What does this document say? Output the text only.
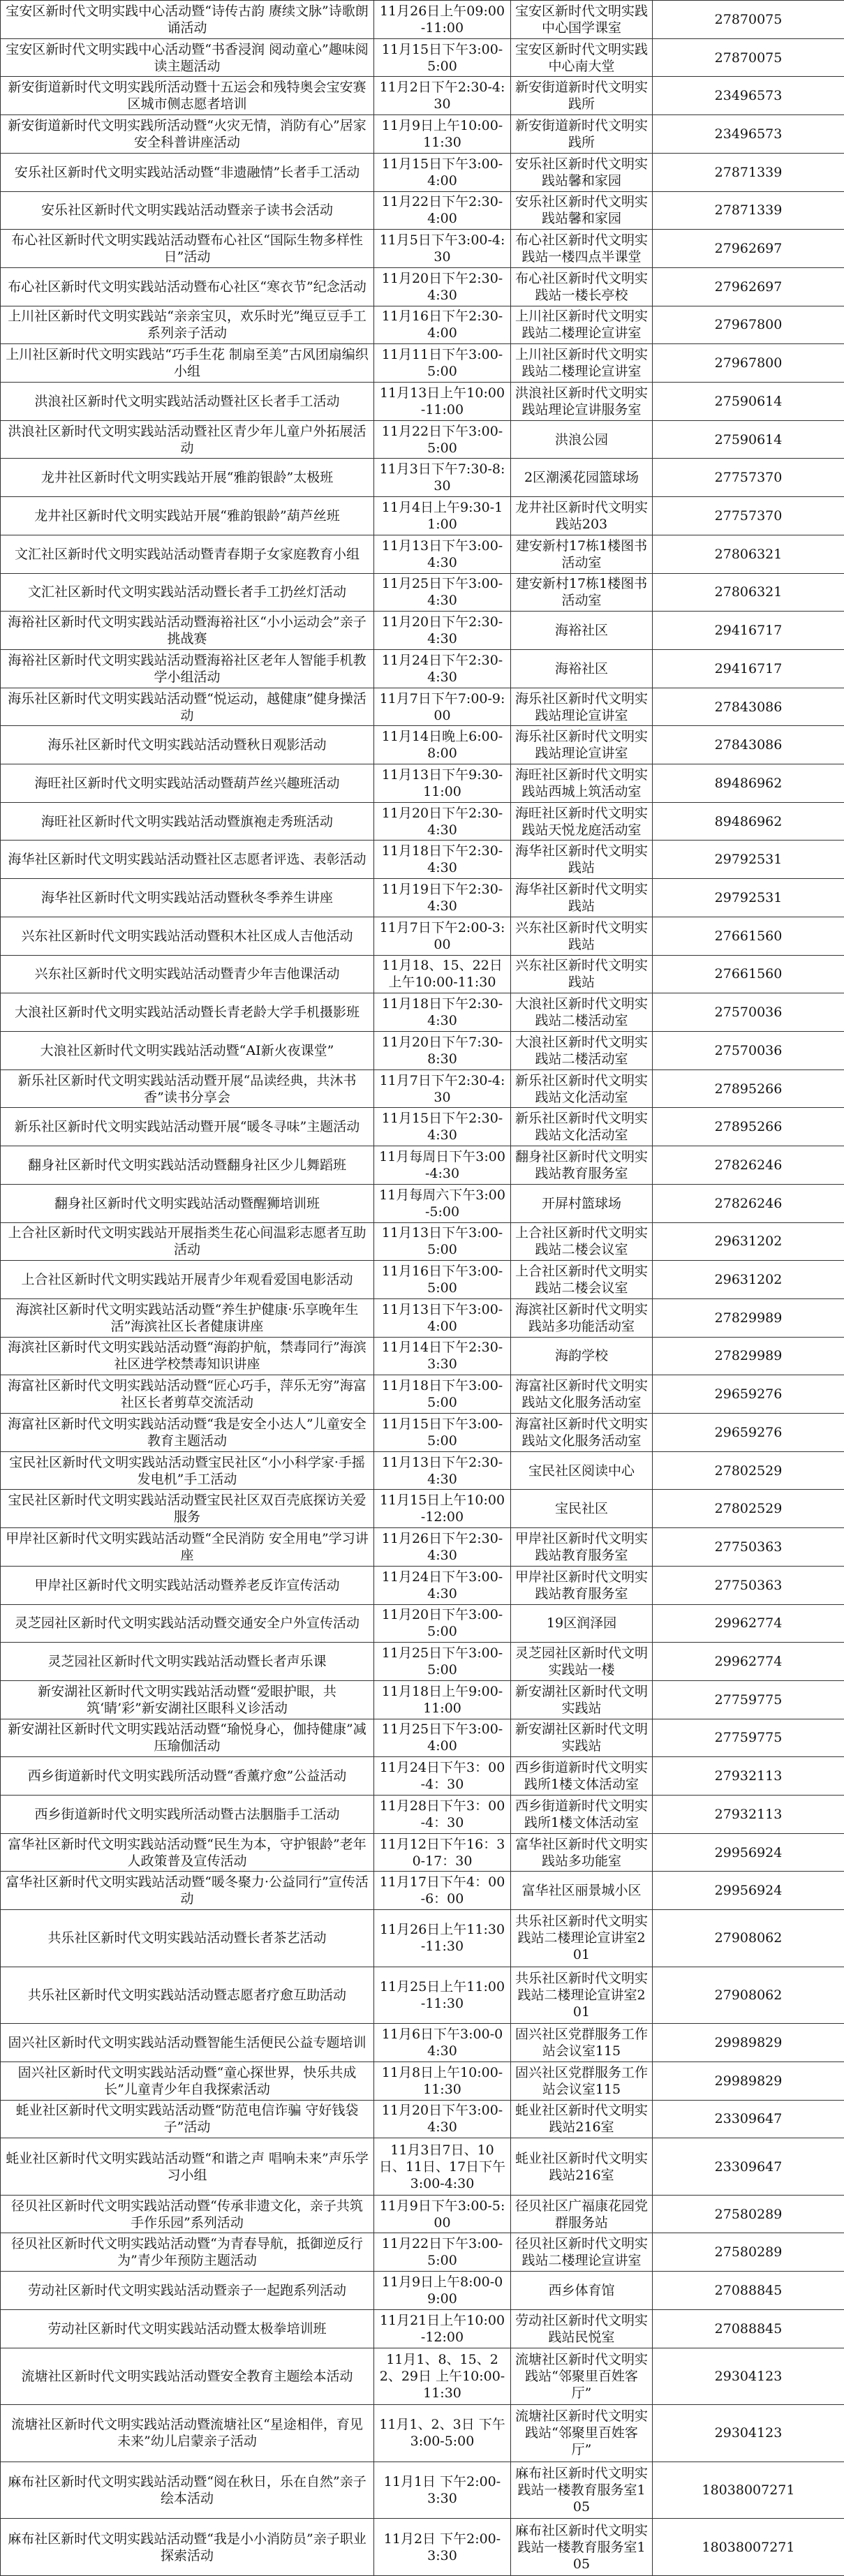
宝安区新时代文明实践中心活动暨“诗传古韵 赓续文脉”诗歌朗诵活动	11月26日上午09:00-11:00	宝安区新时代文明实践中心国学课室	27870075
宝安区新时代文明实践中心活动暨“书香浸润 阅动童心”趣味阅读主题活动	11月15日下午3:00-5:00	宝安区新时代文明实践中心南大堂	27870075
新安街道新时代文明实践所活动暨十五运会和残特奥会宝安赛区城市侧志愿者培训	11月2日下午2:30-4:30	新安街道新时代文明实践所	23496573
新安街道新时代文明实践所活动暨“火灾无情，消防有心”居家安全科普讲座活动	11月9日上午10:00-11:30	新安街道新时代文明实践所	23496573
安乐社区新时代文明实践站活动暨“非遗融情”长者手工活动	11月15日下午3:00-4:00	安乐社区新时代文明实践站馨和家园	27871339
安乐社区新时代文明实践站活动暨亲子读书会活动	11月22日下午2:30-4:00	安乐社区新时代文明实践站馨和家园	27871339
布心社区新时代文明实践站活动暨布心社区“国际生物多样性日”活动	11月5日下午3:00-4:30	布心社区新时代文明实践站一楼四点半课堂	27962697
布心社区新时代文明实践站活动暨布心社区“寒衣节”纪念活动	11月20日下午2:30-4:30	布心社区新时代文明实践站一楼长亭校	27962697
上川社区新时代文明实践站“亲亲宝贝，欢乐时光”绳豆豆手工系列亲子活动	11月16日下午2:30-4:00	上川社区新时代文明实践站二楼理论宣讲室	27967800
上川社区新时代文明实践站“巧手生花 制扇至美”古风团扇编织小组	11月11日下午3:00-5:00	上川社区新时代文明实践站二楼理论宣讲室	27967800
洪浪社区新时代文明实践站活动暨社区长者手工活动	11月13日上午10:00-11:00	洪浪社区新时代文明实践站理论宣讲服务室	27590614
洪浪社区新时代文明实践站活动暨社区青少年儿童户外拓展活动	11月22日下午3:00-5:00	洪浪公园	27590614
龙井社区新时代文明实践站开展“雅韵银龄”太极班	11月3日下午7:30-8:30	2区潮溪花园篮球场	27757370
龙井社区新时代文明实践站开展“雅韵银龄”葫芦丝班	11月4日上午9:30-11:00	龙井社区新时代文明实践站203	27757370
文汇社区新时代文明实践站活动暨青春期子女家庭教育小组	11月13日下午3:00-4:30	建安新村17栋1楼图书活动室	27806321
文汇社区新时代文明实践站活动暨长者手工扔丝灯活动	11月25日下午3:00-4:30	建安新村17栋1楼图书活动室	27806321
海裕社区新时代文明实践站活动暨海裕社区“小小运动会”亲子挑战赛	11月20日下午2:30-4:30	海裕社区	29416717
海裕社区新时代文明实践站活动暨海裕社区老年人智能手机教学小组活动	11月24日下午2:30-4:30	海裕社区	29416717
海乐社区新时代文明实践站活动暨“悦运动，越健康”健身操活动	11月7日下午7:00-9:00	海乐社区新时代文明实践站理论宣讲室	27843086
海乐社区新时代文明实践站活动暨秋日观影活动	11月14日晚上6:00-8:00	海乐社区新时代文明实践站理论宣讲室	27843086
海旺社区新时代文明实践站活动暨葫芦丝兴趣班活动	11月13日下午9:30-11:00	海旺社区新时代文明实践站西城上筑活动室	89486962
海旺社区新时代文明实践站活动暨旗袍走秀班活动	11月20日下午2:30-4:30	海旺社区新时代文明实践站天悦龙庭活动室	89486962
海华社区新时代文明实践站活动暨社区志愿者评选、表彰活动	11月18日下午2:30-4:30	海华社区新时代文明实践站	29792531
海华社区新时代文明实践站活动暨秋冬季养生讲座	11月19日下午2:30-4:30	海华社区新时代文明实践站	29792531
兴东社区新时代文明实践站活动暨积木社区成人吉他活动	11月7日下午2:00-3:00	兴东社区新时代文明实践站	27661560
兴东社区新时代文明实践站活动暨青少年吉他课活动	11月18、15、22日上午10:00-11:30	兴东社区新时代文明实践站	27661560
大浪社区新时代文明实践站活动暨长青老龄大学手机摄影班	11月18日下午2:30-4:30	大浪社区新时代文明实践站二楼活动室	27570036
大浪社区新时代文明实践站活动暨“AI新火夜课堂”	11月20日下午7:30-8:30	大浪社区新时代文明实践站二楼活动室	27570036
新乐社区新时代文明实践站活动暨开展“品读经典，共沐书香”读书分享会	11月7日下午2:30-4:30	新乐社区新时代文明实践站文化活动室	27895266
新乐社区新时代文明实践站活动暨开展“暖冬寻味”主题活动	11月15日下午2:30-4:30	新乐社区新时代文明实践站文化活动室	27895266
翻身社区新时代文明实践站活动暨翻身社区少儿舞蹈班	11月每周日下午3:00-4:30	翻身社区新时代文明实践站教育服务室	27826246
翻身社区新时代文明实践站活动暨醒狮培训班	11月每周六下午3:00-5:00	开屏村篮球场	27826246
上合社区新时代文明实践站开展指类生花心间温彩志愿者互助活动	11月13日下午3:00-5:00	上合社区新时代文明实践站二楼会议室	29631202
上合社区新时代文明实践站开展青少年观看爱国电影活动	11月16日下午3:00-5:00	上合社区新时代文明实践站二楼会议室	29631202
海滨社区新时代文明实践站活动暨“养生护健康·乐享晚年生活”海滨社区长者健康讲座	11月13日下午3:00-4:00	海滨社区新时代文明实践站多功能活动室	27829989
海滨社区新时代文明实践站活动暨“海韵护航，禁毒同行”海滨社区进学校禁毒知识讲座	11月14日下午2:30-3:30	海韵学校	27829989
海富社区新时代文明实践站活动暨“匠心巧手，萍乐无穷”海富社区长者剪草交流活动	11月18日下午3:00-5:00	海富社区新时代文明实践站文化服务活动室	29659276
海富社区新时代文明实践站活动暨“我是安全小达人”儿童安全教育主题活动	11月15日下午3:00-5:00	海富社区新时代文明实践站文化服务活动室	29659276
宝民社区新时代文明实践站活动暨宝民社区“小小科学家·手摇发电机”手工活动	11月13日下午2:30-4:30	宝民社区阅读中心	27802529
宝民社区新时代文明实践站活动暨宝民社区双百壳底探访关爱服务	11月15日上午10:00-12:00	宝民社区	27802529
甲岸社区新时代文明实践站活动暨“全民消防 安全用电”学习讲座	11月26日下午2:30-4:30	甲岸社区新时代文明实践站教育服务室	27750363
甲岸社区新时代文明实践站活动暨养老反诈宣传活动	11月24日下午3:00-4:30	甲岸社区新时代文明实践站教育服务室	27750363
灵芝园社区新时代文明实践站活动暨交通安全户外宣传活动	11月20日下午3:00-5:00	19区润泽园	29962774
灵芝园社区新时代文明实践站活动暨长者声乐课	11月25日下午3:00-5:00	灵芝园社区新时代文明实践站一楼	29962774
新安湖社区新时代文明实践站活动暨“爱眼护眼，共筑‘睛’彩”新安湖社区眼科义诊活动	11月18日上午9:00-11:00	新安湖社区新时代文明实践站	27759775
新安湖社区新时代文明实践站活动暨“瑜悦身心，伽持健康”减压瑜伽活动	11月25日下午3:00-4:00	新安湖社区新时代文明实践站	27759775
西乡街道新时代文明实践所活动暨“香薰疗愈”公益活动	11月24日下午3：00-4：30	西乡街道新时代文明实践所1楼文体活动室	27932113
西乡街道新时代文明实践所活动暨古法胭脂手工活动	11月28日下午3：00-4：30	西乡街道新时代文明实践所1楼文体活动室	27932113
富华社区新时代文明实践站活动暨“民生为本，守护银龄”老年人政策普及宣传活动	11月12日下午16：30-17：30	富华社区新时代文明实践站多功能室	29956924
富华社区新时代文明实践站活动暨“暖冬聚力·公益同行”宣传活动	11月17日下午4：00-6：00	富华社区丽景城小区	29956924
共乐社区新时代文明实践站活动暨长者茶艺活动	11月26日上午11:30-11:30	共乐社区新时代文明实践站二楼理论宣讲室201	27908062
共乐社区新时代文明实践站活动暨志愿者疗愈互助活动	11月25日上午11:00-11:30	共乐社区新时代文明实践站二楼理论宣讲室201	27908062
固兴社区新时代文明实践站活动暨智能生活便民公益专题培训	11月6日下午3:00-04:30	固兴社区党群服务工作站会议室115	29989829
固兴社区新时代文明实践站活动暨“童心探世界，快乐共成长”儿童青少年自我探索活动	11月8日上午10:00-11:30	固兴社区党群服务工作站会议室115	29989829
蚝业社区新时代文明实践站活动暨“防范电信诈骗 守好钱袋子”活动	11月20日下午3:00-4:30	蚝业社区新时代文明实践站216室	23309647
蚝业社区新时代文明实践站活动暨“和谐之声 唱响未来”声乐学习小组	11月3日7日、10日、11日、17日下午3:00-4:30	蚝业社区新时代文明实践站216室	23309647
径贝社区新时代文明实践站活动暨“传承非遗文化，亲子共筑手作乐园”系列活动	11月9日下午3:00-5:00	径贝社区广福康花园党群服务站	27580289
径贝社区新时代文明实践站活动暨“为青春导航，抵御逆反行为”青少年预防主题活动	11月22日下午3:00-5:00	径贝社区新时代文明实践站二楼理论宣讲室	27580289
劳动社区新时代文明实践站活动暨亲子一起跑系列活动	11月9日上午8:00-09:00	西乡体育馆	27088845
劳动社区新时代文明实践站活动暨太极拳培训班	11月21日上午10:00-12:00	劳动社区新时代文明实践站民悦室	27088845
流塘社区新时代文明实践站活动暨安全教育主题绘本活动	11月1、8、15、22、29日 上午10:00-11:30	流塘社区新时代文明实践站“邻聚里百姓客厅”	29304123
流塘社区新时代文明实践站活动暨流塘社区“星途相伴，育见未来”幼儿启蒙亲子活动	11月1、2、3日 下午3:00-5:00	流塘社区新时代文明实践站“邻聚里百姓客厅”	29304123
麻布社区新时代文明实践站活动暨“阅在秋日，乐在自然”亲子绘本活动	11月1日 下午2:00-3:30	麻布社区新时代文明实践站一楼教育服务室105	18038007271
麻布社区新时代文明实践站活动暨“我是小小消防员”亲子职业探索活动	11月2日 下午2:00-3:30	麻布社区新时代文明实践站一楼教育服务室105	18038007271
